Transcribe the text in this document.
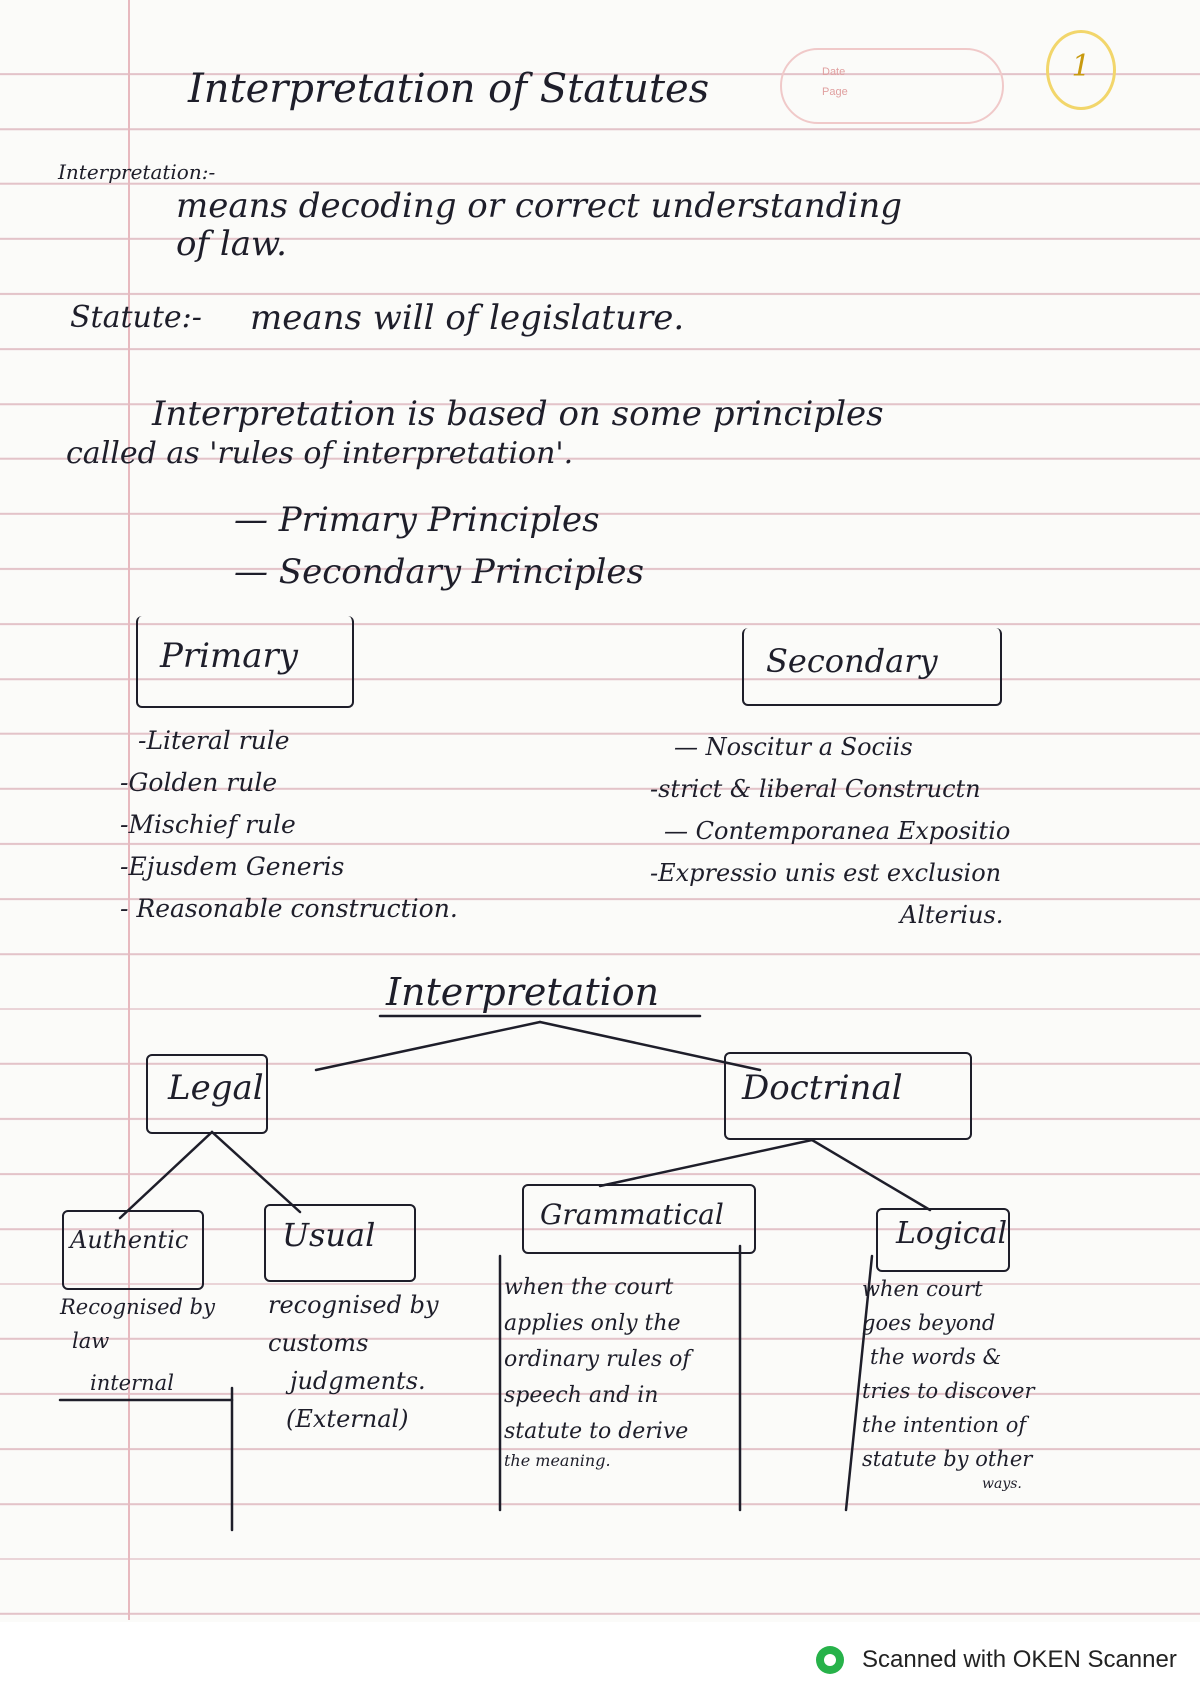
Interpretation of Statutes	Date
Page
1
Interpretation:-
means decoding or correct understanding
of law.
Statute:- means will of legislature.
Interpretation is based on some principles
called as 'rules of interpretation'.
— Primary Principles
— Secondary Principles
Primary	Secondary
-Literal rule
-Golden rule
-Mischief rule
-Ejusdem Generis
- Reasonable construction.
— Noscitur a Sociis
-strict & liberal Constructn
— Contemporanea Expositio
-Expressio unis est exclusion
Alterius.
Interpretation
Legal	Doctrinal
Authentic	Usual
Grammatical
Logical
Recognised by
law
internal
recognised by
customs
judgments.
(External)
when the court
applies only the
ordinary rules of
speech and in
statute to derive
the meaning.
when court
goes beyond
the words &
tries to discover
the intention of
statute by other
ways.
Scanned with OKEN Scanner
